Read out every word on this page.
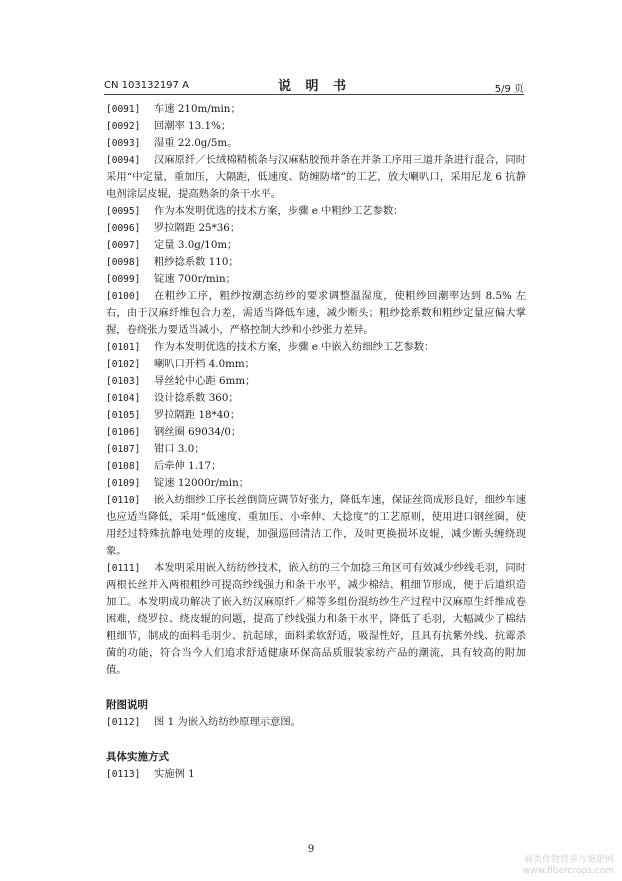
CN 103132197 A	说 明 书	5/9 页
[0091]	车速 210m/min；
[0092]	回潮率 13.1%；
[0093]	湿重 22.0g/5m。
[0094]	汉麻原纤／长绒棉精梳条与汉麻粘胶预并条在并条工序用三道并条进行混合，同时采用“中定量，重加压，大隔距，低速度、防缠防堵”的工艺，放大喇叭口，采用尼龙 6 抗静电剂涂层皮辊，提高熟条的条干水平。
[0095]	作为本发明优选的技术方案，步骤 e 中粗纱工艺参数：
[0096]	罗拉隔距 25*36；
[0097]	定量 3.0g/10m；
[0098]	粗纱捻系数 110；
[0099]	锭速 700r/min；
[0100]	在粗纱工序，粗纱按潮态纺纱的要求调整温湿度，使粗纱回潮率达到 8.5% 左右，由于汉麻纤维包合力差，需适当降低车速，减少断头；粗纱捻系数和粗纱定量应偏大掌握，卷绕张力要适当减小，严格控制大纱和小纱张力差异。
[0101]	作为本发明优选的技术方案，步骤 e 中嵌入纺细纱工艺参数：
[0102]	喇叭口开档 4.0mm；
[0103]	导丝轮中心距 6mm；
[0104]	设计捻系数 360；
[0105]	罗拉隔距 18*40；
[0106]	钢丝圈 69034/0；
[0107]	钳口 3.0；
[0108]	后牵伸 1.17；
[0109]	锭速 12000r/min；
[0110]	嵌入纺细纱工序长丝倒筒应调节好张力，降低车速，保证丝筒成形良好，细纱车速也应适当降低，采用“低速度、重加压、小牵伸、大捻度”的工艺原则，使用进口钢丝圈，使用经过特殊抗静电处理的皮辊，加强巡回清洁工作，及时更换损坏皮辊，减少断头缠绕现象。
[0111]	本发明采用嵌入纺纺纱技术，嵌入纺的三个加捻三角区可有效减少纱线毛羽，同时两根长丝并入两根粗纱可提高纱线强力和条干水平，减少棉结、粗细节形成，便于后道织造加工。本发明成功解决了嵌入纺汉麻原纤／棉等多组份混纺纱生产过程中汉麻原生纤维成卷困难，绕罗拉、绕皮辊的问题，提高了纱线强力和条干水平，降低了毛羽，大幅减少了棉结粗细节，制成的面料毛羽少、抗起球，面料柔软舒适，吸湿性好，且具有抗紫外线、抗霉杀菌的功能，符合当今人们追求舒适健康环保高品质服装家纺产品的潮流，具有较高的附加值。
附图说明
[0112]	图 1 为嵌入纺纺纱原理示意图。
具体实施方式
[0113]	实施例 1
9
麻类作物营养与施肥网
www.fibercrops.com
